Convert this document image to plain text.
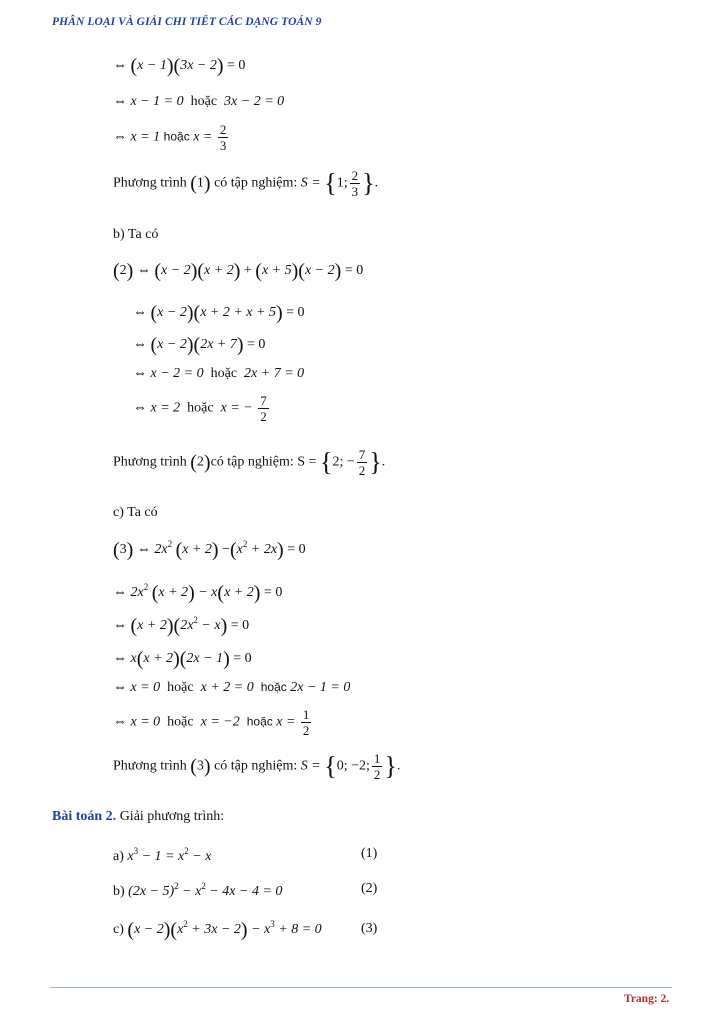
PHÂN LOẠI VÀ GIẢI CHI TIẾT CÁC DẠNG TOÁN 9
⇔ (x − 1)(3x − 2) = 0
⇔ x − 1 = 0 hoặc 3x − 2 = 0
⇔ x = 1 hoặc $x = \frac{2}{3}$
Phương trình (1) có tập nghiệm: S = {1; $\frac{2}{3}$ }.
b) Ta có
(2) ⇔ (x − 2)(x + 2) + (x + 5)(x − 2) = 0
⇔ (x − 2)(x + 2 + x + 5) = 0
⇔ (x − 2)(2x + 7) = 0
⇔ x − 2 = 0 hoặc 2x + 7 = 0
⇔ x = 2 hoặc x = − $\frac{7}{2}$
Phương trình (2)có tập nghiệm: S = {2; − $\frac{7}{2}$ }.
c) Ta có
(3) ⇔ $2x^2$ $(x + 2) -(x^2 + 2x) = 0$
⇔ $2x^2$ (x + 2) − x(x + 2) = 0
⇔ $(x + 2)(2x^2 - x) = 0$
⇔ x(x + 2)(2x − 1) = 0
⇔ x = 0 hoặc x + 2 = 0 hoặc 2x − 1 = 0
⇔ x = 0 hoặc x = −2 hoặc $x = \frac{1}{2}$
Phương trình (3) có tập nghiệm: S = {0; −2; $\frac{1}{2}$ }.
Bài toán 2. Giải phương trình:
a) $x^3 - 1 = x^2 - x$	(1)
b) $(2x - 5)^2 - x^2 - 4x - 4 = 0$	(2)
c) $(x - 2)(x^2 + 3x - 2) - x^3 + 8 = 0$	(3)
Trang: 2.
